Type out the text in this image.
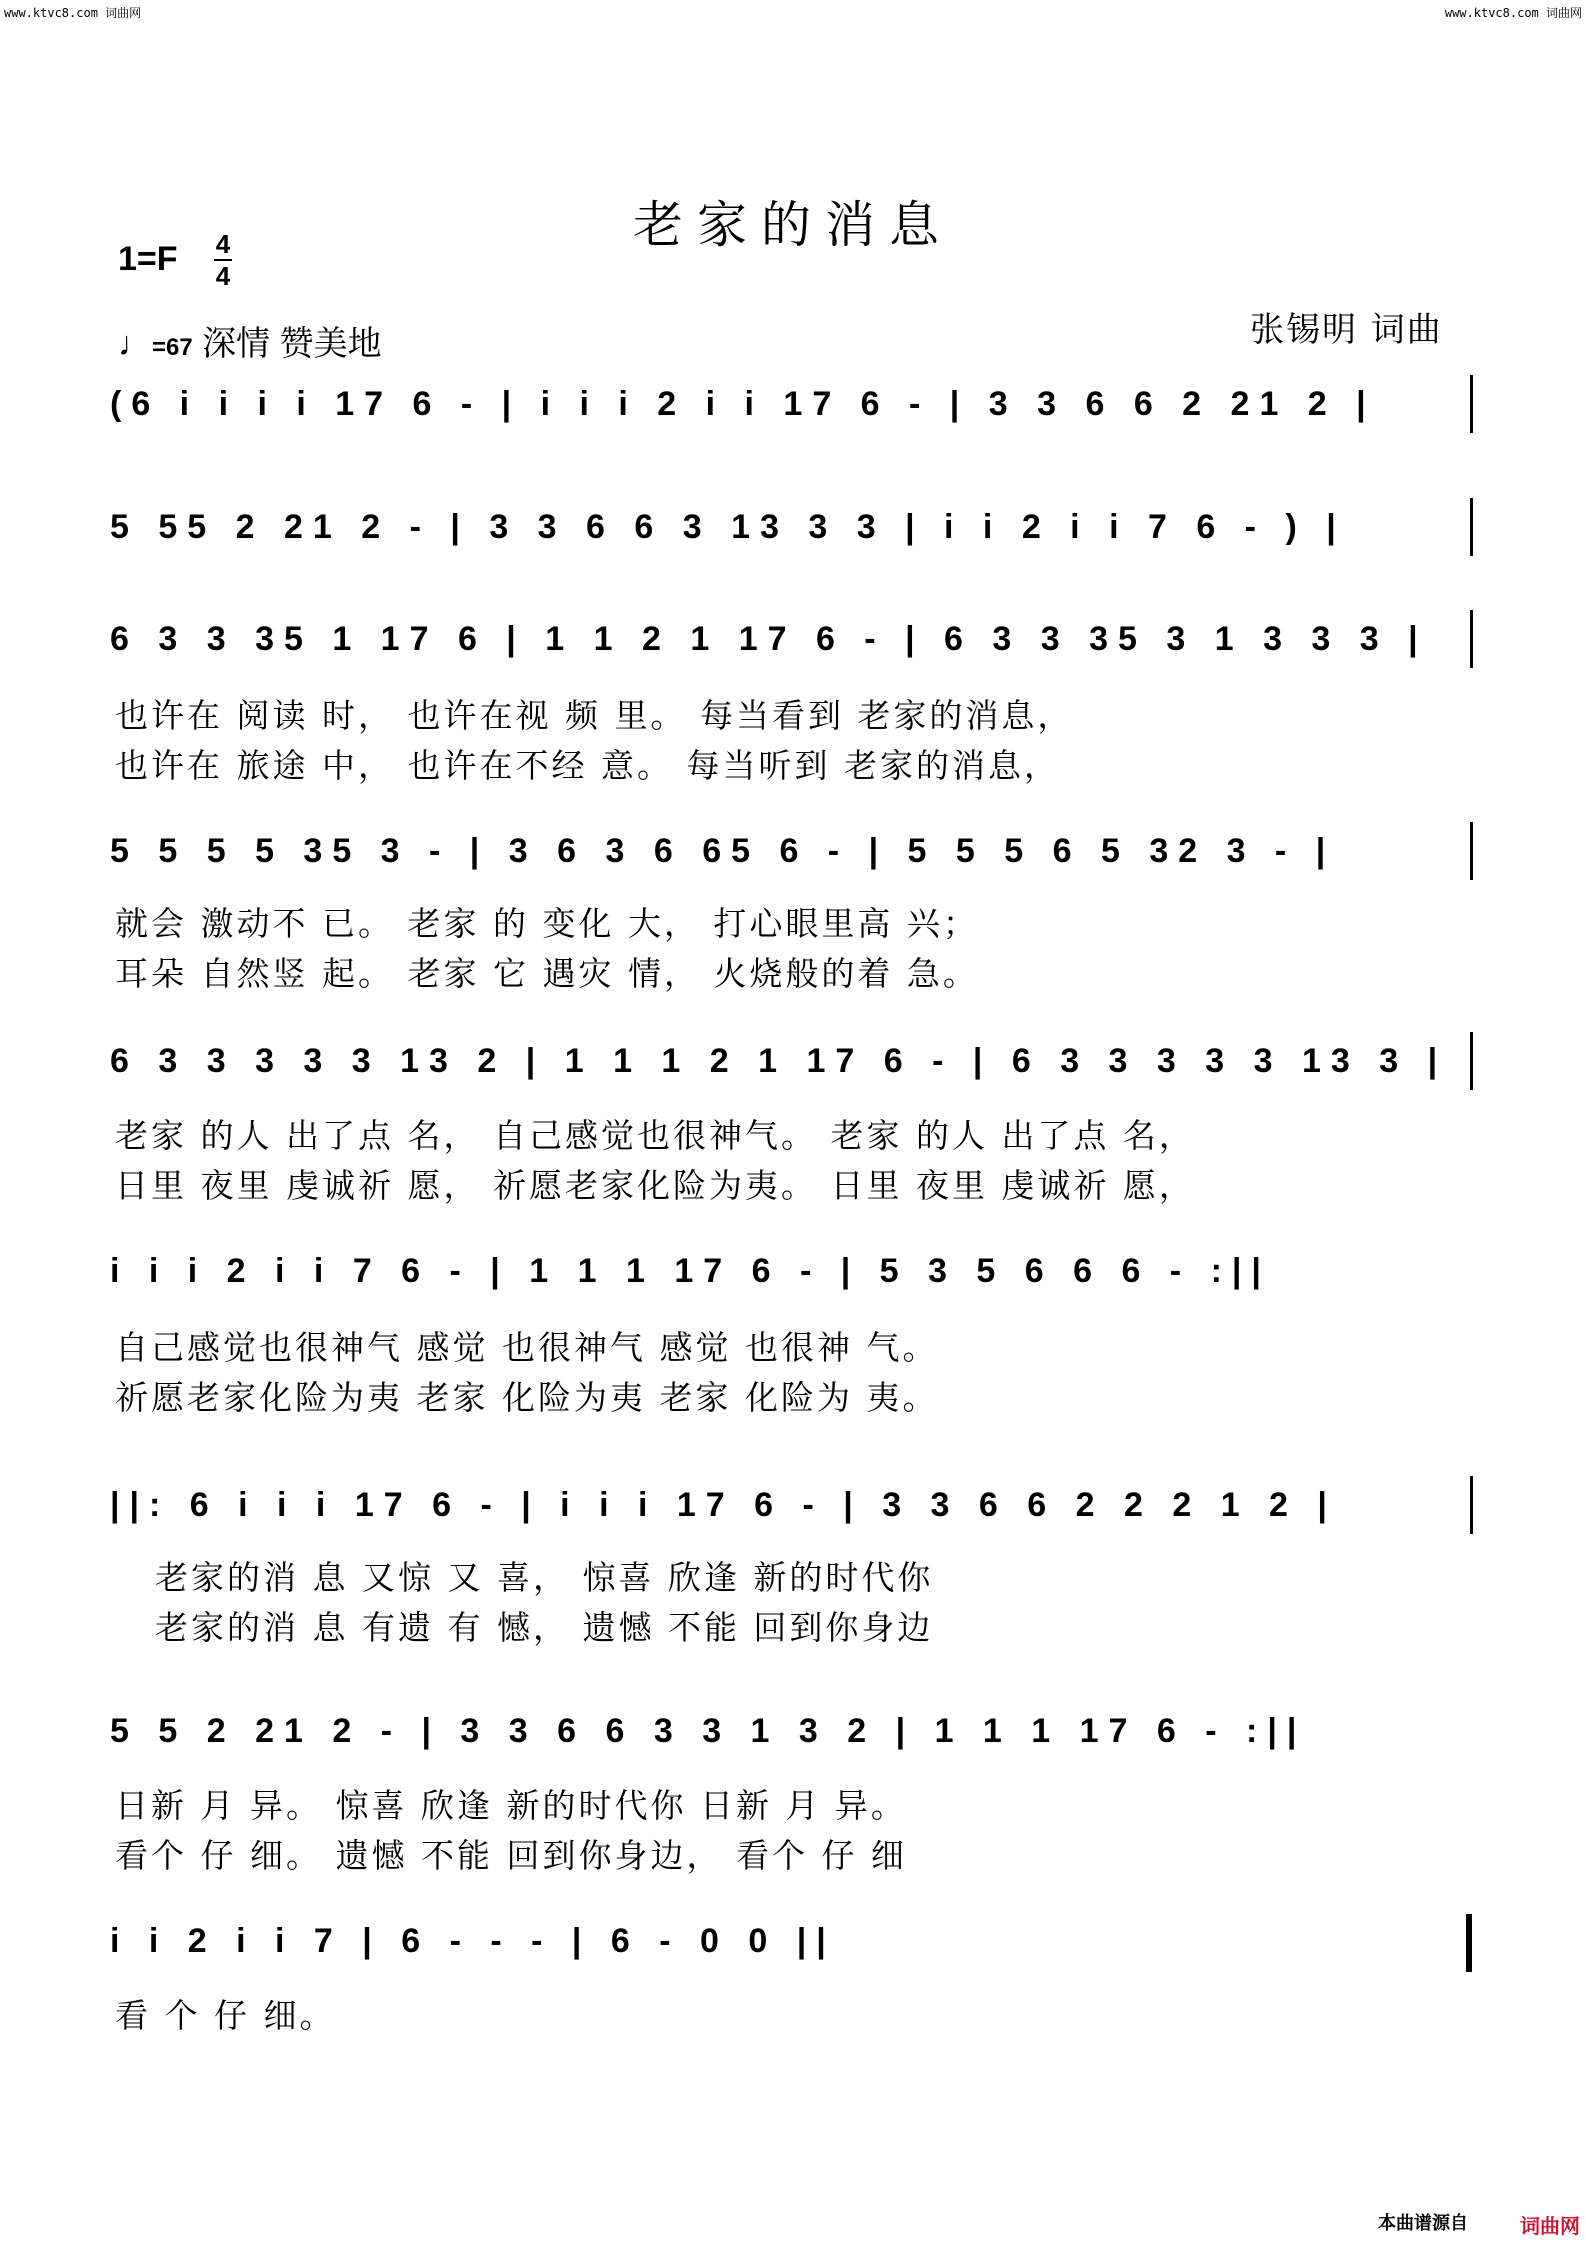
www.ktvc8.com 词曲网	www.ktvc8.com 词曲网
老家的消息
1=F 4
4
♩=67 深情 赞美地	张锡明 词曲
(6 i i i i 17 6 - | i i i 2 i i 17 6 - | 3 3 6 6 2 21 2 |
5 55 2 21 2 - | 3 3 6 6 3 13 3 3 | i i 2 i i 7 6 - ) |
6 3 3 35 1 17 6 | 1 1 2 1 17 6 - | 6 3 3 35 3 1 3 3 3 |
也许在 阅读 时， 也许在视 频 里。 每当看到 老家的消息，
也许在 旅途 中， 也许在不经 意。 每当听到 老家的消息，
5 5 5 5 35 3 - | 3 6 3 6 65 6 - | 5 5 5 6 5 32 3 - |
就会 激动不 已。 老家 的 变化 大， 打心眼里高 兴；
耳朵 自然竖 起。 老家 它 遇灾 情， 火烧般的着 急。
6 3 3 3 3 3 13 2 | 1 1 1 2 1 17 6 - | 6 3 3 3 3 3 13 3 |
老家 的人 出了点 名， 自己感觉也很神气。 老家 的人 出了点 名，
日里 夜里 虔诚祈 愿， 祈愿老家化险为夷。 日里 夜里 虔诚祈 愿，
i i i 2 i i 7 6 - | 1 1 1 17 6 - | 5 3 5 6 6 6 - :||
自己感觉也很神气 感觉 也很神气 感觉 也很神 气。
祈愿老家化险为夷 老家 化险为夷 老家 化险为 夷。
||: 6 i i i 17 6 - | i i i 17 6 - | 3 3 6 6 2 2 2 1 2 |
老家的消 息 又惊 又 喜， 惊喜 欣逢 新的时代你
老家的消 息 有遗 有 憾， 遗憾 不能 回到你身边
5 5 2 21 2 - | 3 3 6 6 3 3 1 3 2 | 1 1 1 17 6 - :||
日新 月 异。 惊喜 欣逢 新的时代你 日新 月 异。
看个 仔 细。 遗憾 不能 回到你身边， 看个 仔 细
i i 2 i i 7 | 6 - - - | 6 - 0 0 ||
看 个 仔 细。
本曲谱源自	词曲网
